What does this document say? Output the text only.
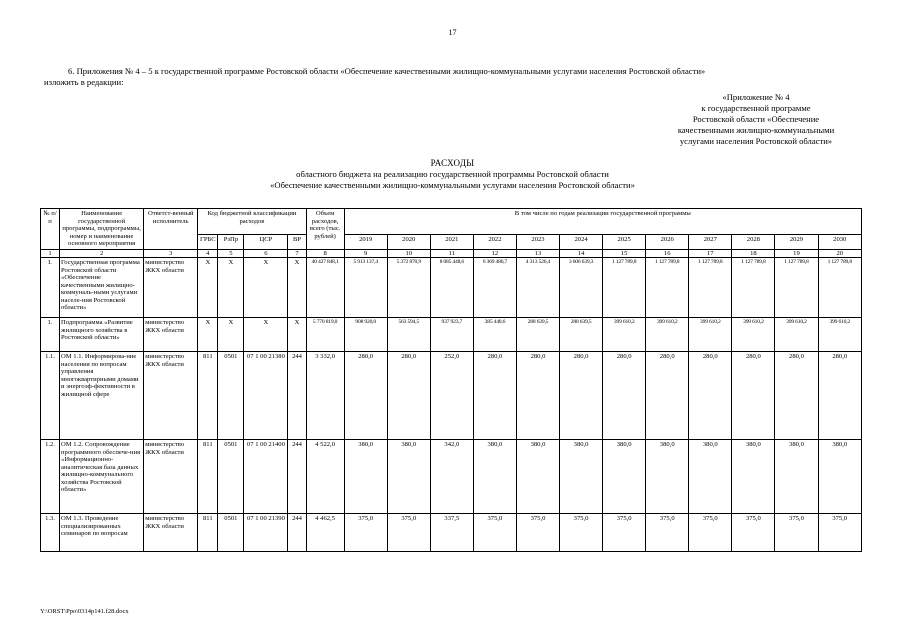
17
6. Приложения № 4 – 5 к государственной программе Ростовской области «Обеспечение качественными жилищно-коммунальными услугами населения Ростовской области»
изложить в редакции:
«Приложение № 4
к государственной программе
Ростовской области «Обеспечение
качественными жилищно-коммунальными
услугами населения Ростовской области»
РАСХОДЫ
областного бюджета на реализацию государственной программы Ростовской области
«Обеспечение качественными жилищно-коммунальными услугами населения Ростовской области»
№ п/п	Наименование государственной программы, подпрограммы, номер и наименование основного мероприятия	Ответст-венный исполнитель	Код бюджетной классификации расходов				Объем расходов, всего (тыс. рублей)	В том числе по годам реализации государственной программы											
			ГРБС	РзПр	ЦСР	ВР		2019	2020	2021	2022	2023	2024	2025	2026	2027	2028	2029	2030
1	2	3	4	5	6	7	8	9	10	11	12	13	14	15	16	17	18	19	20
I.	Государственная программа Ростовской области «Обеспечение качественными жилищно-коммуналь-ными услугами населе-ния Ростовской области»	министерство ЖКХ области	X	X	X	X	40 427 848,1	5 913 137,4	5 372 870,9	8 085 448,6	6 369 486,7	4 313 526,4	3 606 639,3	1 127 789,8	1 127 789,8	1 127 789,8	1 127 789,8	1 127 789,8	1 127 789,8
1.	Подпрограмма «Развитие жилищного хозяйства в Ростовской области»	министерство ЖКХ области	X	X	X	X	5 770 819,0	908 920,0	563 594,5	937 923,7	385 440,6	288 639,5	288 639,5	399 610,2	399 610,2	399 610,2	399 610,2	399 610,2	399 610,2
1.1.	ОМ 1.1. Информирова-ние населения по вопросам управления многоквартирными домами и энергоэф-фективности в жилищной сфере	министерство ЖКХ области	811	0501	07 1 00 21380	244	3 332,0	280,0	280,0	252,0	280,0	280,0	280,0	280,0	280,0	280,0	280,0	280,0	280,0
1.2.	ОМ 1.2. Сопровождение программного обеспече-ния «Информационно-аналитическая база данных жилищно-коммунального хозяйства Ростовской области»	министерство ЖКХ области	811	0501	07 1 00 21400	244	4 522,0	380,0	380,0	342,0	380,0	380,0	380,0	380,0	380,0	380,0	380,0	380,0	380,0
1.3.	ОМ 1.3. Проведение специализированных семинаров по вопросам	министерство ЖКХ области	811	0501	07 1 00 21390	244	4 462,5	375,0	375,0	337,5	375,0	375,0	375,0	375,0	375,0	375,0	375,0	375,0	375,0
Y:\ORST\Ppo\0314p141.f28.docx
